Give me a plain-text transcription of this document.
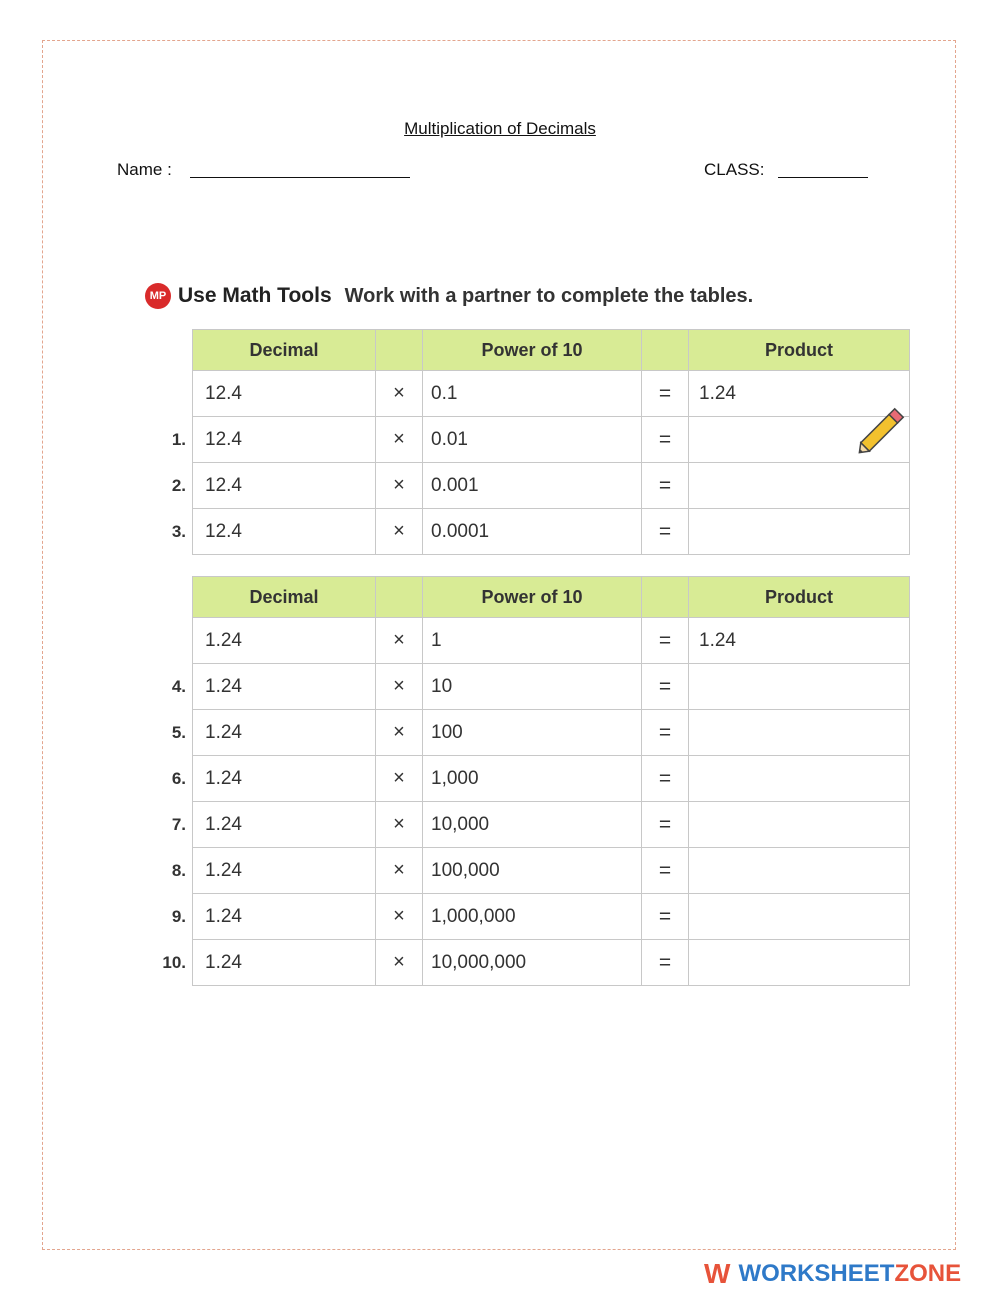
Multiplication of Decimals
Name :	CLASS:
MP Use Math Tools Work with a partner to complete the tables.
	Decimal		Power of 10		Product
	12.4	×	0.1	=	1.24
1.	12.4	×	0.01	=	
2.	12.4	×	0.001	=	
3.	12.4	×	0.0001	=	
	Decimal		Power of 10		Product
	1.24	×	1	=	1.24
4.	1.24	×	10	=	
5.	1.24	×	100	=	
6.	1.24	×	1,000	=	
7.	1.24	×	10,000	=	
8.	1.24	×	100,000	=	
9.	1.24	×	1,000,000	=	
10.	1.24	×	10,000,000	=	
W WORKSHEETZONE
